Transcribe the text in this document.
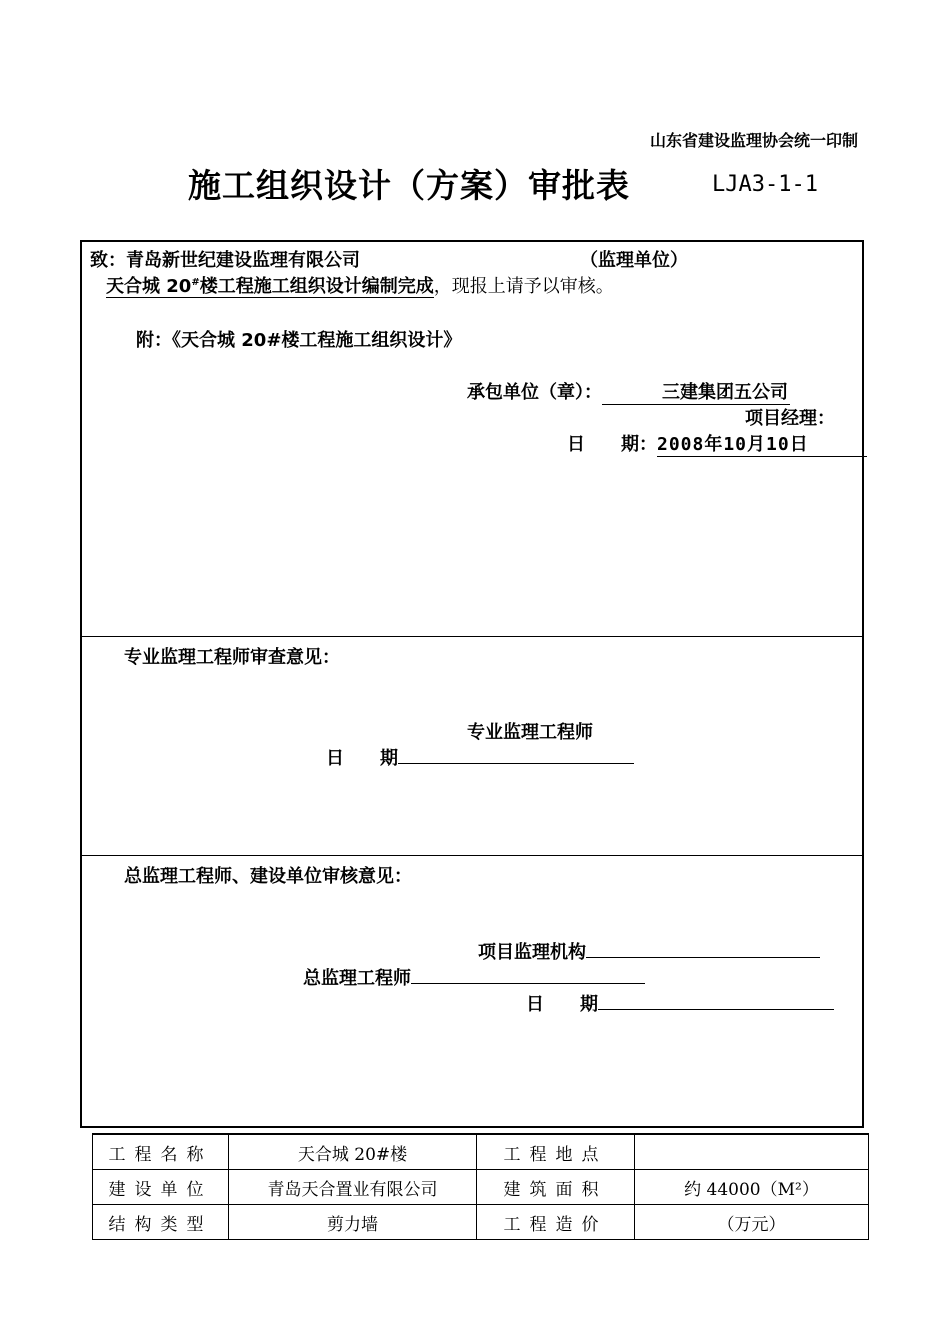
山东省建设监理协会统一印制
施工组织设计（方案）审批表	LJA3-1-1
致：青岛新世纪建设监理有限公司	（监理单位）
天合城 20#楼工程施工组织设计编制完成，现报上请予以审核。
附：《天合城 20#楼工程施工组织设计》
承包单位（章）：	三建集团五公司
项目经理：
日　　期：2008年10月10日
专业监理工程师审查意见：
专业监理工程师
日　　期
总监理工程师、建设单位审核意见：
项目监理机构
总监理工程师
日　　期
工程名称	天合城 20#楼	工程地点	
建设单位	青岛天合置业有限公司	建筑面积	约 44000（M²）
结构类型	剪力墙	工程造价	（万元）
